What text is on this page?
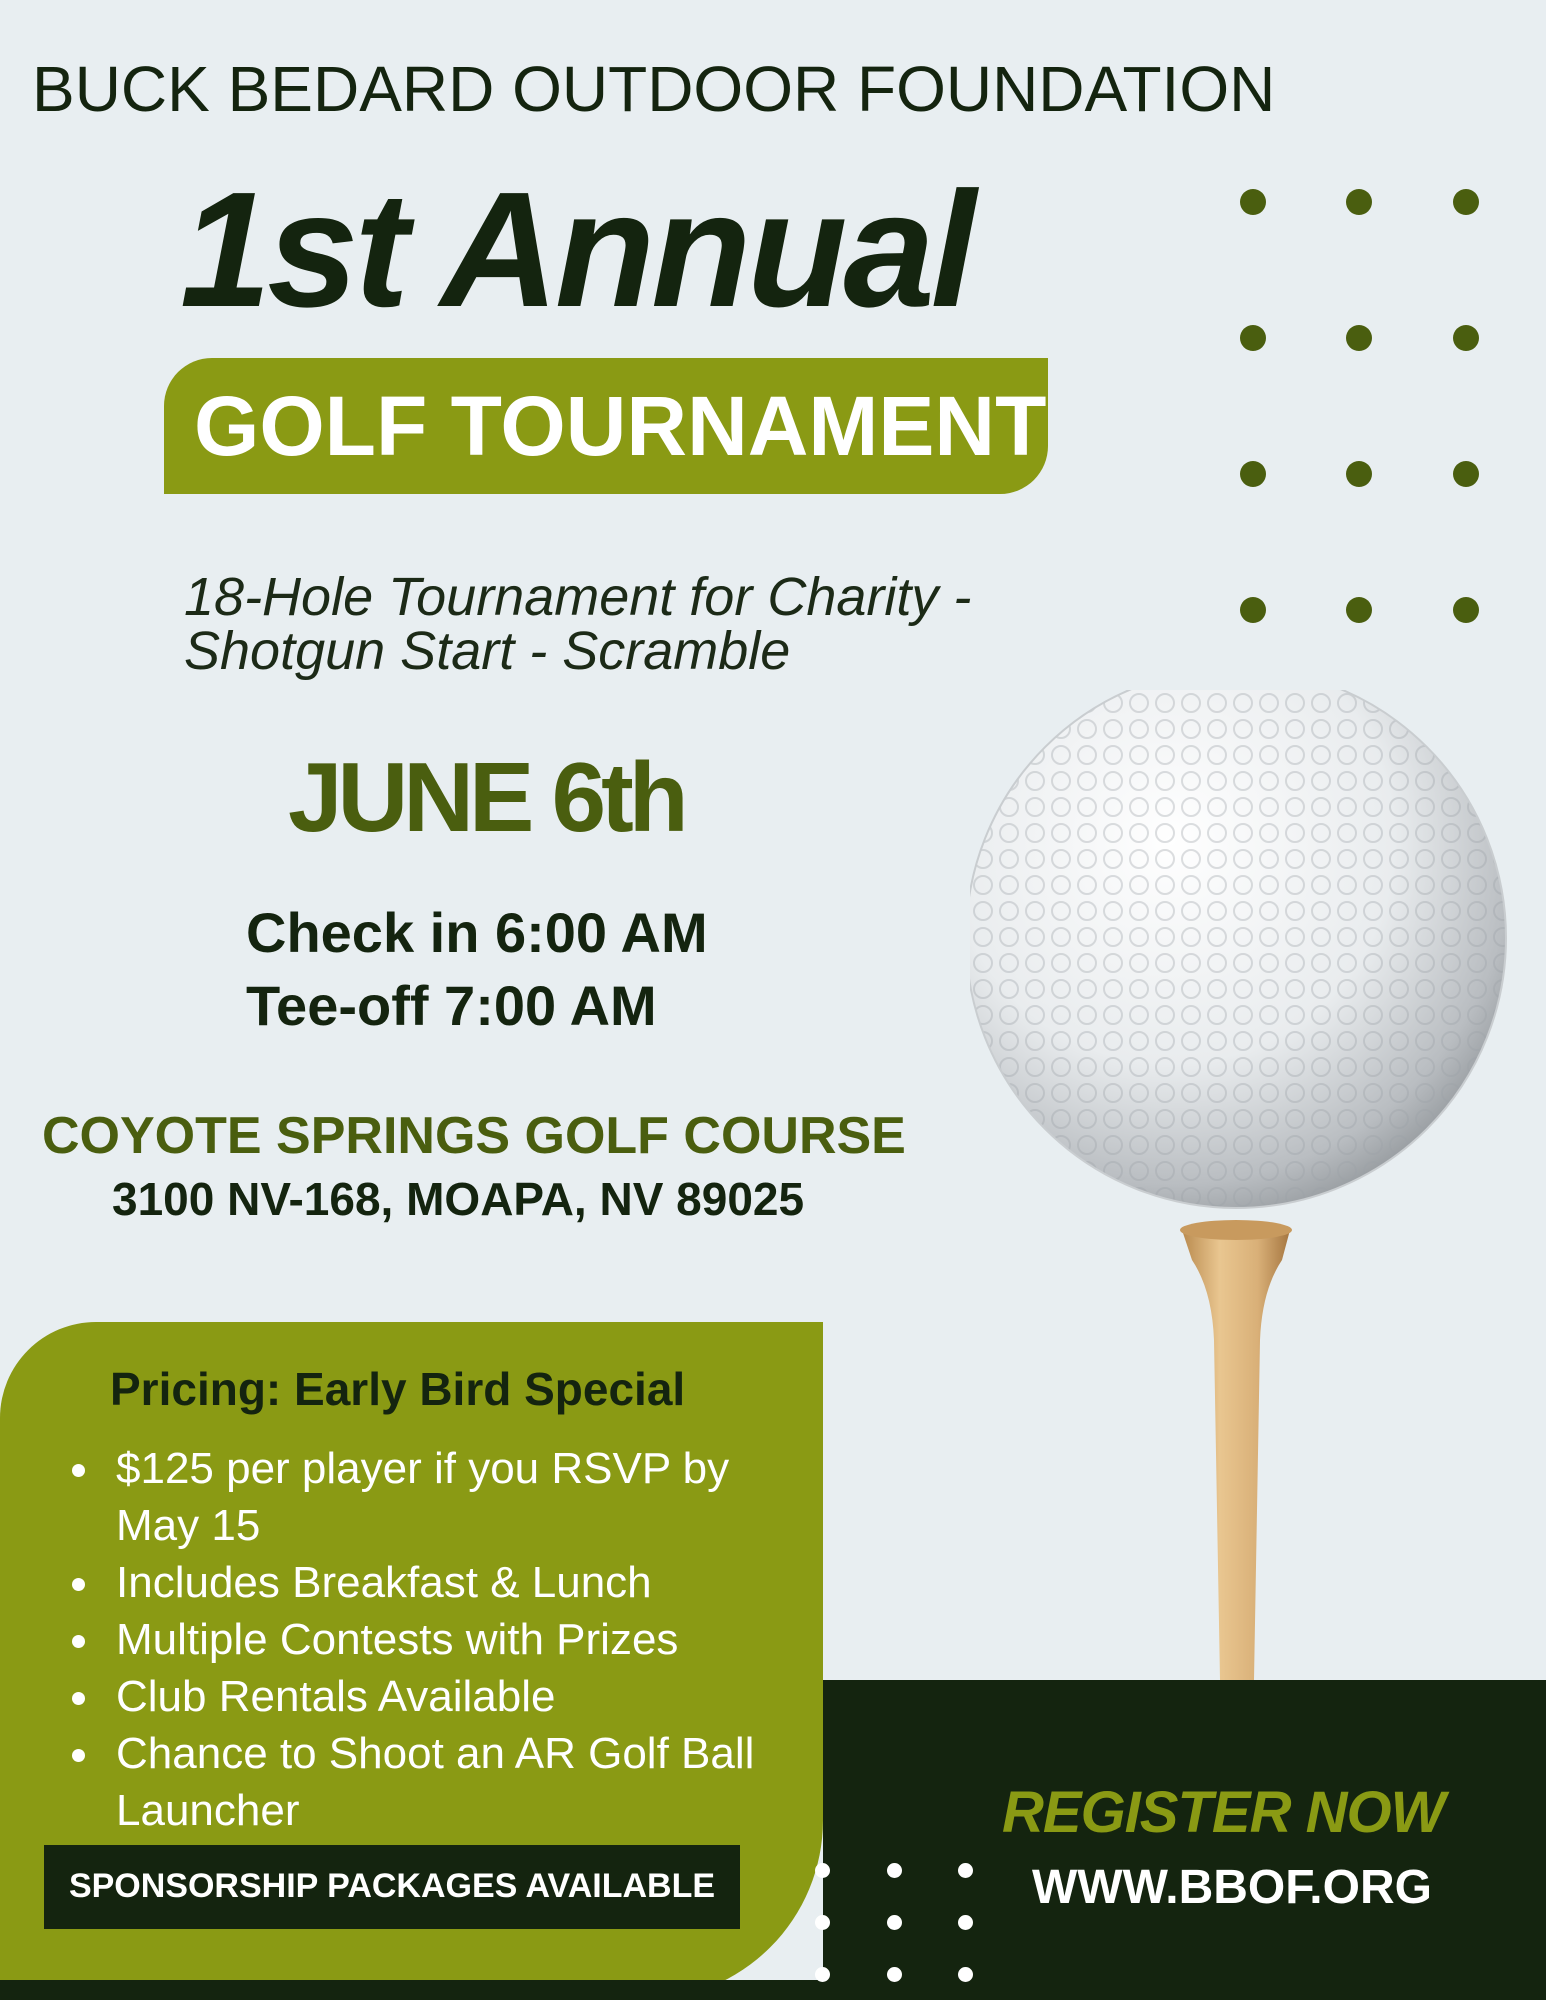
BUCK BEDARD OUTDOOR FOUNDATION
1st Annual
GOLF TOURNAMENT
18-Hole Tournament for Charity -
Shotgun Start - Scramble
JUNE 6th
Check in 6:00 AM
Tee-off 7:00 AM
COYOTE SPRINGS GOLF COURSE
3100 NV-168, MOAPA, NV 89025
Pricing: Early Bird Special
$125 per player if you RSVP by May 15
Includes Breakfast & Lunch
Multiple Contests with Prizes
Club Rentals Available
Chance to Shoot an AR Golf Ball Launcher
SPONSORSHIP PACKAGES AVAILABLE
REGISTER NOW
WWW.BBOF.ORG
